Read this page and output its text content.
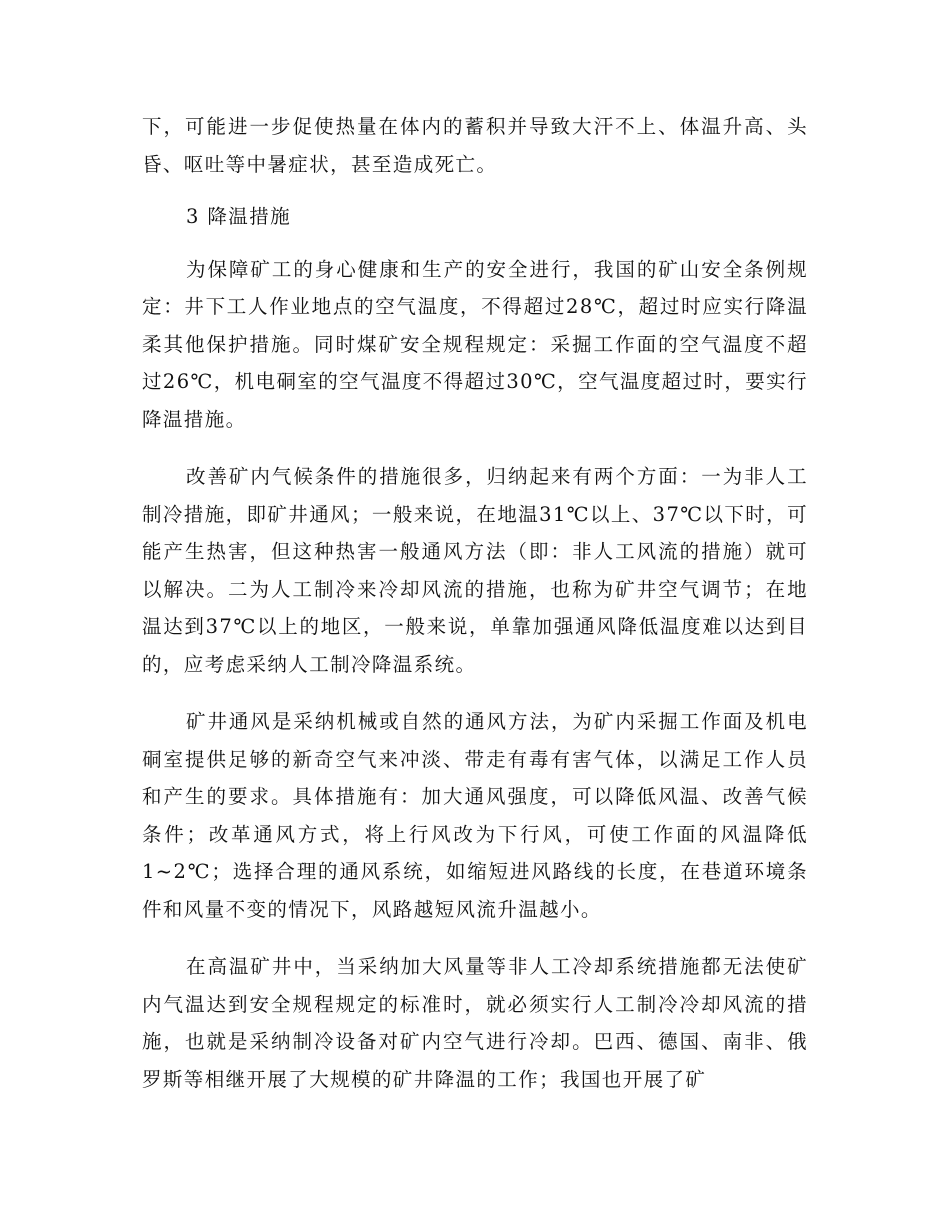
下，可能进一步促使热量在体内的蓄积并导致大汗不上、体温升高、头昏、呕吐等中暑症状，甚至造成死亡。

3 降温措施

为保障矿工的身心健康和生产的安全进行，我国的矿山安全条例规定：井下工人作业地点的空气温度，不得超过28℃，超过时应实行降温柔其他保护措施。同时煤矿安全规程规定：采掘工作面的空气温度不超过26℃，机电硐室的空气温度不得超过30℃，空气温度超过时，要实行降温措施。

改善矿内气候条件的措施很多，归纳起来有两个方面：一为非人工制冷措施，即矿井通风；一般来说，在地温31℃以上、37℃以下时，可能产生热害，但这种热害一般通风方法（即：非人工风流的措施）就可以解决。二为人工制冷来冷却风流的措施，也称为矿井空气调节；在地温达到37℃以上的地区，一般来说，单靠加强通风降低温度难以达到目的，应考虑采纳人工制冷降温系统。

矿井通风是采纳机械或自然的通风方法，为矿内采掘工作面及机电硐室提供足够的新奇空气来冲淡、带走有毒有害气体，以满足工作人员和产生的要求。具体措施有：加大通风强度，可以降低风温、改善气候条件；改革通风方式，将上行风改为下行风，可使工作面的风温降低1~2℃；选择合理的通风系统，如缩短进风路线的长度，在巷道环境条件和风量不变的情况下，风路越短风流升温越小。

在高温矿井中，当采纳加大风量等非人工冷却系统措施都无法使矿内气温达到安全规程规定的标准时，就必须实行人工制冷冷却风流的措施，也就是采纳制冷设备对矿内空气进行冷却。巴西、德国、南非、俄罗斯等相继开展了大规模的矿井降温的工作；我国也开展了矿
